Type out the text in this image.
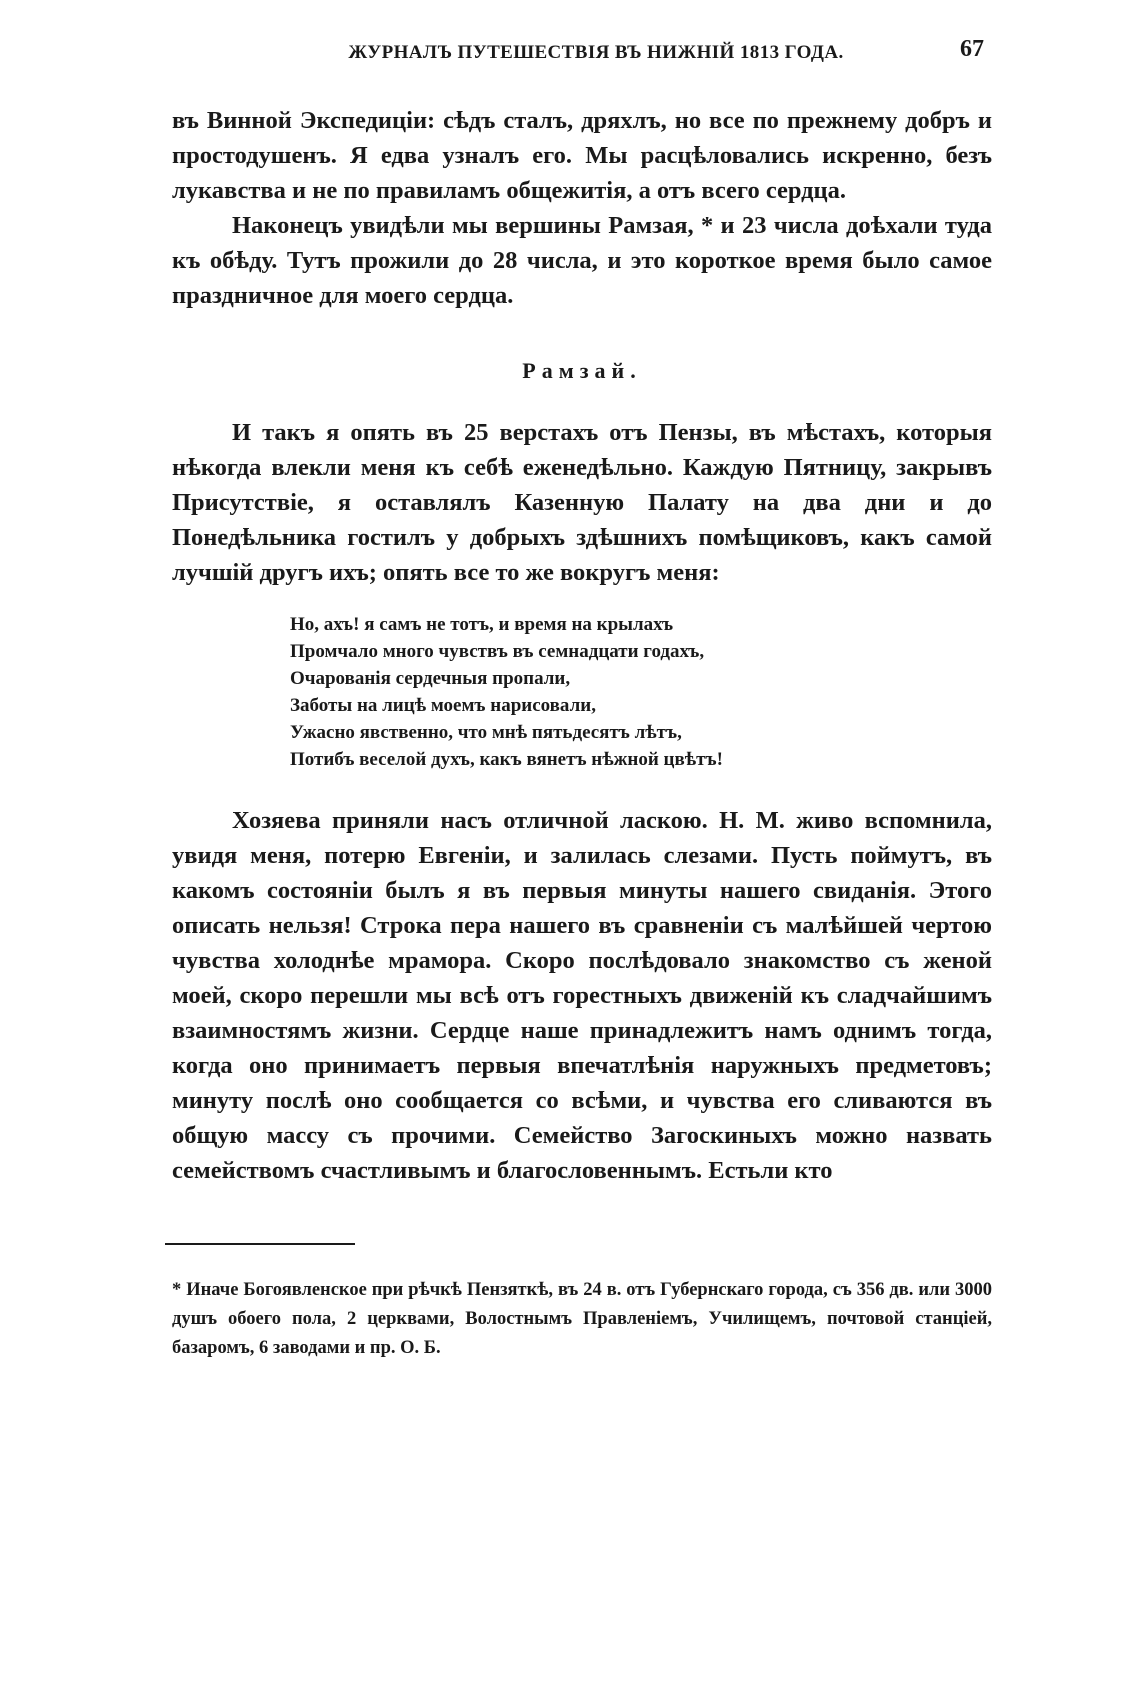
ЖУРНАЛЪ ПУТЕШЕСТВІЯ ВЪ НИЖНІЙ 1813 ГОДА.	67

въ Винной Экспедиціи: сѣдъ сталъ, дряхлъ, но все по прежнему добръ и простодушенъ. Я едва узналъ его. Мы расцѣловались искренно, безъ лукавства и не по правиламъ общежитія, а отъ всего сердца.

Наконецъ увидѣли мы вершины Рамзая, * и 23 числа доѣхали туда къ обѣду. Тутъ прожили до 28 числа, и это короткое время было самое праздничное для моего сердца.

Рамзай.

И такъ я опять въ 25 верстахъ отъ Пензы, въ мѣстахъ, которыя нѣкогда влекли меня къ себѣ еженедѣльно. Каждую Пятницу, закрывъ Присутствіе, я оставлялъ Казенную Палату на два дни и до Понедѣльника гостилъ у добрыхъ здѣшнихъ помѣщиковъ, какъ самой лучшій другъ ихъ; опять все то же вокругъ меня:

Но, ахъ! я самъ не тотъ, и время на крылахъ
Промчало много чувствъ въ семнадцати годахъ,
Очарованія сердечныя пропали,
Заботы на лицѣ моемъ нарисовали,
Ужасно явственно, что мнѣ пятьдесятъ лѣтъ,
Потибъ веселой духъ, какъ вянетъ нѣжной цвѣтъ!

Хозяева приняли насъ отличной ласкою. Н. М. живо вспомнила, увидя меня, потерю Евгеніи, и залилась слезами. Пусть поймутъ, въ какомъ состояніи былъ я въ первыя минуты нашего свиданія. Этого описать нельзя! Строка пера нашего въ сравненіи съ малѣйшей чертою чувства холоднѣе мрамора. Скоро послѣдовало знакомство съ женой моей, скоро перешли мы всѣ отъ горестныхъ движеній къ сладчайшимъ взаимностямъ жизни. Сердце наше принадлежитъ намъ однимъ тогда, когда оно принимаетъ первыя впечатлѣнія наружныхъ предметовъ; минуту послѣ оно сообщается со всѣми, и чувства его сливаются въ общую массу съ прочими. Семейство Загоскиныхъ можно назвать семействомъ счастливымъ и благословеннымъ. Естьли кто

* Иначе Богоявленское при рѣчкѣ Пензяткѣ, въ 24 в. отъ Губернскаго города, съ 356 дв. или 3000 душъ обоего пола, 2 церквами, Волостнымъ Правленіемъ, Училищемъ, почтовой станціей, базаромъ, 6 заводами и пр. О. Б.
